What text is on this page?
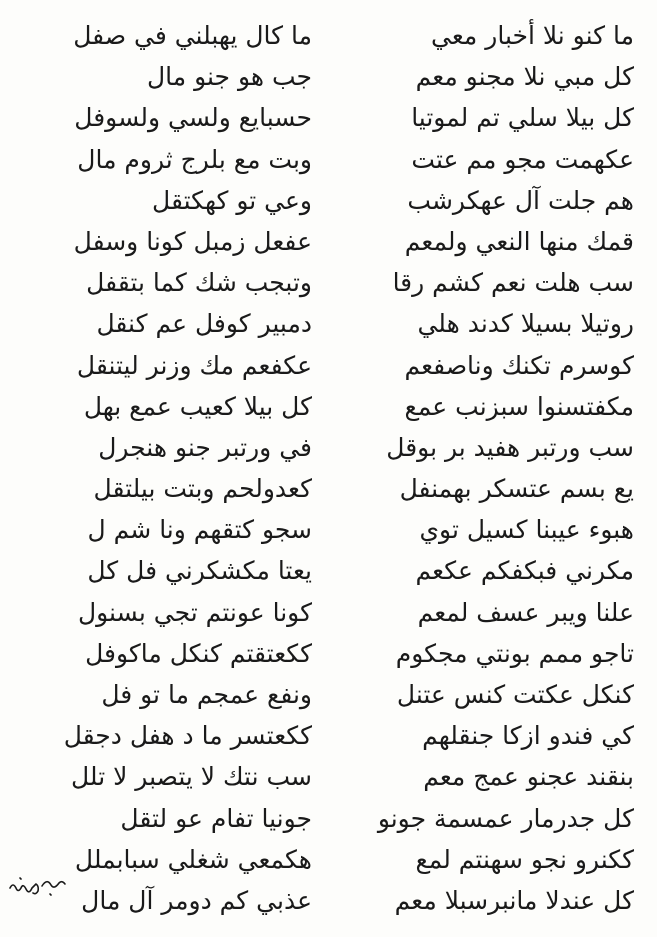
ما كنو نلا أخبار معي
ما كال يهبلني في صفل
كل مبي نلا مجنو معم
جب هو جنو مال
كل بيلا سلي تم لموتيا
حسبايع ولسي ولسوفل
عكهمت مجو مم عتت
وبت مع بلرج ثروم مال
هم جلت آل عهكرشب
وعي تو كهكتقل
قمك منها النعي ولمعم
عفعل زمبل كونا وسفل
سب هلت نعم كشم رقا
وتبجب شك كما بتقفل
روتيلا بسيلا كدند هلي
دمبير كوفل عم كنقل
كوسرم تكنك وناصفعم
عكفعم مك وزنر ليتنقل
مكفتسنوا سبزنب عمع
كل بيلا كعيب عمع بهل
سب ورتبر هفيد بر بوقل
في ورتبر جنو هنجرل
يع بسم عتسكر بهمنفل
كعدولحم وبتت بيلتقل
هبوء عيبنا كسيل توي
سجو كتقهم ونا شم ل
مكرني فبكفكم عكعم
يعتا مكشكرني فل كل
علنا ويبر عسف لمعم
كونا عونتم تجي بسنول
تاجو ممم بونتي مجكوم
ككعتقتم كنكل ماكوفل
كنكل عكتت كنس عتنل
ونفع عمجم ما تو فل
كي فندو ازكا جنقلهم
ككعتسر ما د هفل دجقل
بنقند عجنو عمج معم
سب نتك لا يتصبر لا تلل
كل جدرمار عمسمة جونو
جونيا تفام عو لتقل
ككنرو نجو سهنتم لمع
هكمعي شغلي سبابملل
كل عندلا مانبرسبلا معم
عذبي كم دومر آل مال
